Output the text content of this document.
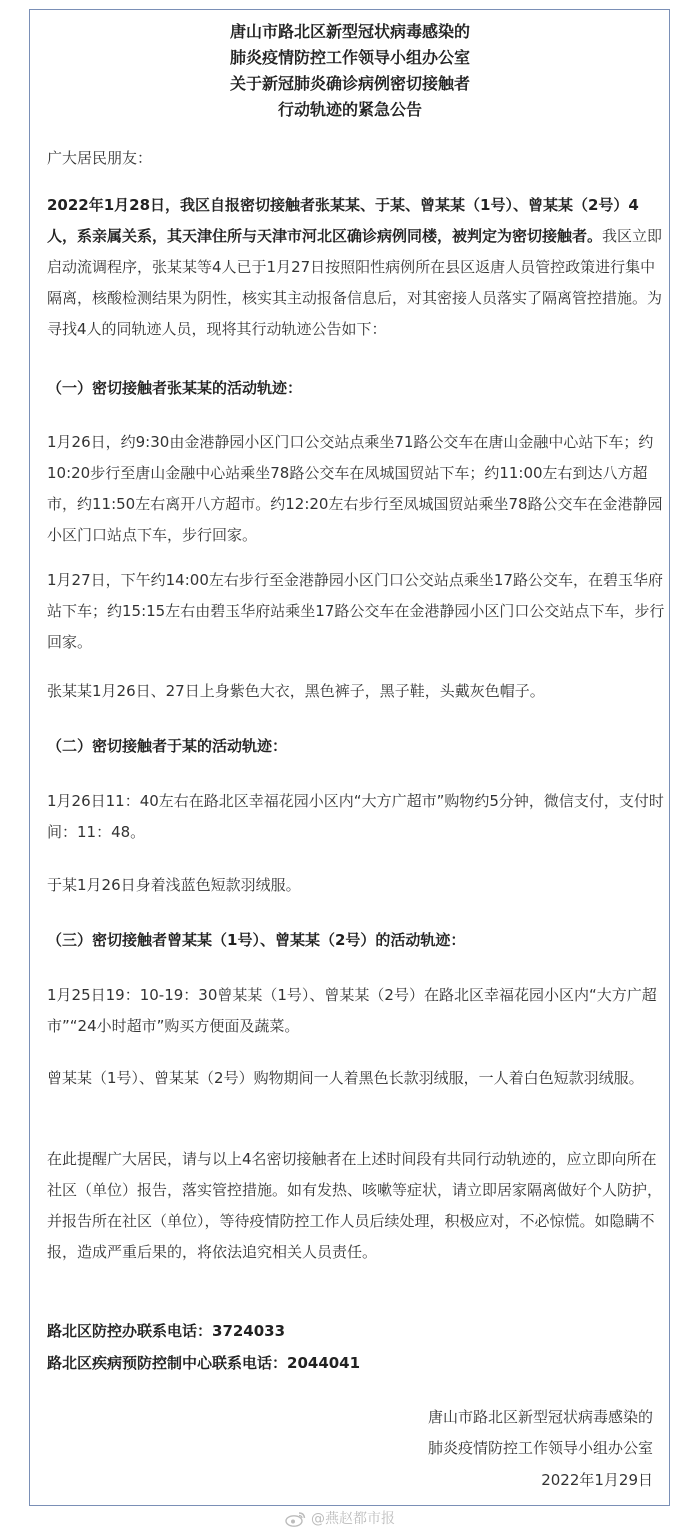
唐山市路北区新型冠状病毒感染的
肺炎疫情防控工作领导小组办公室
关于新冠肺炎确诊病例密切接触者
行动轨迹的紧急公告

广大居民朋友：

2022年1月28日，我区自报密切接触者张某某、于某、曾某某（1号）、曾某某（2号）4人，系亲属关系，其天津住所与天津市河北区确诊病例同楼，被判定为密切接触者。我区立即启动流调程序，张某某等4人已于1月27日按照阳性病例所在县区返唐人员管控政策进行集中隔离，核酸检测结果为阴性，核实其主动报备信息后，对其密接人员落实了隔离管控措施。为寻找4人的同轨迹人员，现将其行动轨迹公告如下：

（一）密切接触者张某某的活动轨迹：

1月26日，约9:30由金港静园小区门口公交站点乘坐71路公交车在唐山金融中心站下车；约10:20步行至唐山金融中心站乘坐78路公交车在凤城国贸站下车；约11:00左右到达八方超市，约11:50左右离开八方超市。约12:20左右步行至凤城国贸站乘坐78路公交车在金港静园小区门口站点下车，步行回家。

1月27日，下午约14:00左右步行至金港静园小区门口公交站点乘坐17路公交车，在碧玉华府站下车；约15:15左右由碧玉华府站乘坐17路公交车在金港静园小区门口公交站点下车，步行回家。

张某某1月26日、27日上身紫色大衣，黑色裤子，黑子鞋，头戴灰色帽子。

（二）密切接触者于某的活动轨迹：

1月26日11：40左右在路北区幸福花园小区内“大方广超市”购物约5分钟，微信支付，支付时间：11：48。

于某1月26日身着浅蓝色短款羽绒服。

（三）密切接触者曾某某（1号）、曾某某（2号）的活动轨迹：

1月25日19：10-19：30曾某某（1号）、曾某某（2号）在路北区幸福花园小区内“大方广超市”“24小时超市”购买方便面及蔬菜。

曾某某（1号）、曾某某（2号）购物期间一人着黑色长款羽绒服，一人着白色短款羽绒服。

在此提醒广大居民，请与以上4名密切接触者在上述时间段有共同行动轨迹的，应立即向所在社区（单位）报告，落实管控措施。如有发热、咳嗽等症状，请立即居家隔离做好个人防护，并报告所在社区（单位），等待疫情防控工作人员后续处理，积极应对，不必惊慌。如隐瞒不报，造成严重后果的，将依法追究相关人员责任。

路北区防控办联系电话：3724033

路北区疾病预防控制中心联系电话：2044041

唐山市路北区新型冠状病毒感染的
肺炎疫情防控工作领导小组办公室
2022年1月29日
@燕赵都市报
